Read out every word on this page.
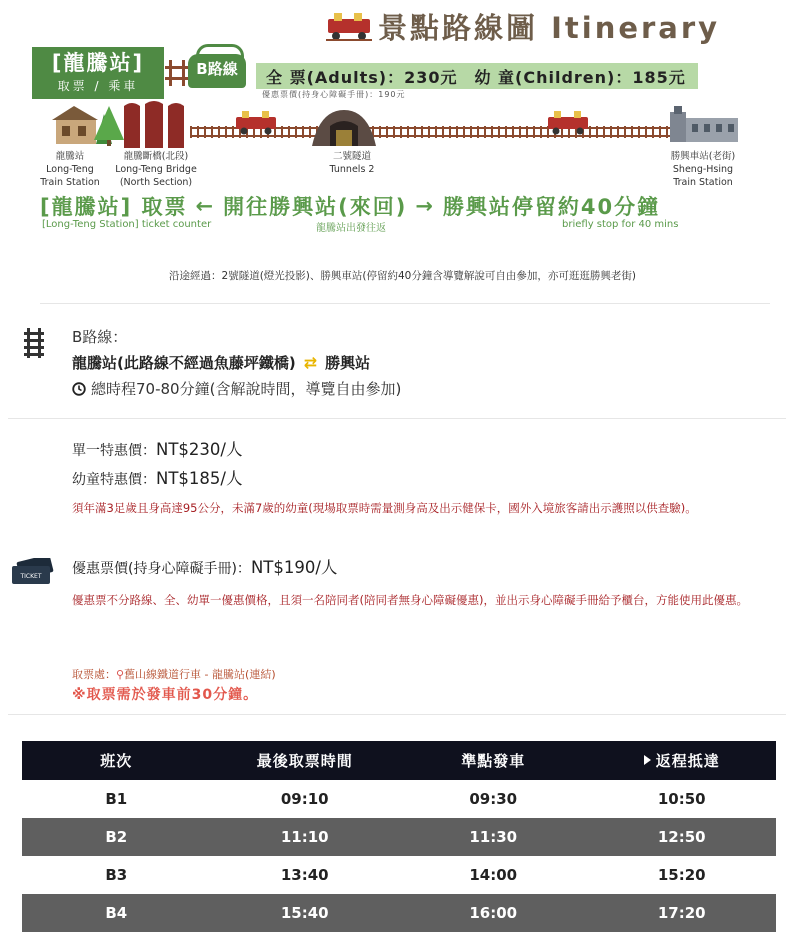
景點路線圖 Itinerary
[龍騰站]
取票 / 乘車
B路線	全 票(Adults)：230元　幼 童(Children)：185元
優惠票價(持身心障礙手冊)：190元
龍騰站
Long-Teng
Train Station
龍騰斷橋(北段)
Long-Teng Bridge
(North Section)
二號隧道
Tunnels 2
勝興車站(老街)
Sheng-Hsing
Train Station
[龍騰站] 取票 ← 開往勝興站(來回) → 勝興站停留約40分鐘
[Long-Teng Station] ticket counter	龍騰站出發往返	briefly stop for 40 mins
沿途經過：2號隧道(燈光投影)、勝興車站(停留約40分鐘含導覽解說可自由參加，亦可逛逛勝興老街)
B路線：
龍騰站(此路線不經過魚藤坪鐵橋) ⇄ 勝興站
總時程70-80分鐘(含解說時間，導覽自由參加)
TICKET
單一特惠價：NT$230/人
幼童特惠價：NT$185/人
須年滿3足歲且身高達95公分，未滿7歲的幼童(現場取票時需量測身高及出示健保卡，國外入境旅客請出示護照以供查驗)。
優惠票價(持身心障礙手冊)：NT$190/人
優惠票不分路線、全、幼單一優惠價格，且須一名陪同者(陪同者無身心障礙優惠)，並出示身心障礙手冊給予櫃台，方能使用此優惠。
取票處：⚲舊山線鐵道行車 - 龍騰站(連結)
※取票需於發車前30分鐘。
班次	最後取票時間	準點發車	返程抵達
B1	09:10	09:30	10:50
B2	11:10	11:30	12:50
B3	13:40	14:00	15:20
B4	15:40	16:00	17:20
